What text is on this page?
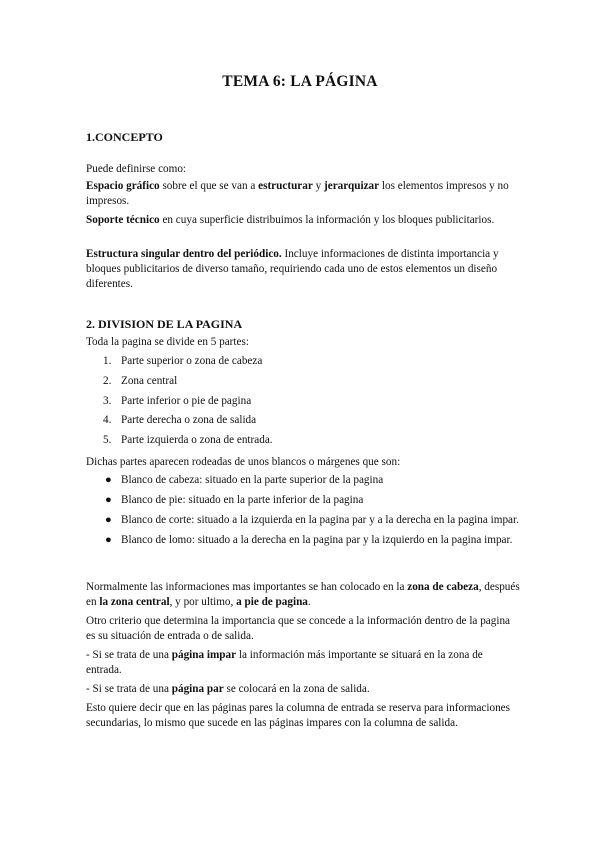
TEMA 6: LA PÁGINA
1.CONCEPTO
Puede definirse como:
Espacio gráfico sobre el que se van a estructurar y jerarquizar los elementos impresos y no impresos.
Soporte técnico en cuya superficie distribuimos la información y los bloques publicitarios.
Estructura singular dentro del periódico. Incluye informaciones de distinta importancia y bloques publicitarios de diverso tamaño, requiriendo cada uno de estos elementos un diseño diferentes.
2. DIVISION DE LA PAGINA
Toda la pagina se divide en 5 partes:
1. Parte superior o zona de cabeza
2. Zona central
3. Parte inferior o pie de pagina
4. Parte derecha o zona de salida
5. Parte izquierda o zona de entrada.
Dichas partes aparecen rodeadas de unos blancos o márgenes que son:
● Blanco de cabeza: situado en la parte superior de la pagina
● Blanco de pie: situado en la parte inferior de la pagina
● Blanco de corte: situado a la izquierda en la pagina par y a la derecha en la pagina impar.
● Blanco de lomo: situado a la derecha en la pagina par y la izquierdo en la pagina impar.
Normalmente las informaciones mas importantes se han colocado en la zona de cabeza, después en la zona central, y por ultimo, a pie de pagina.
Otro criterio que determina la importancia que se concede a la información dentro de la pagina es su situación de entrada o de salida.
- Si se trata de una página impar la información más importante se situará en la zona de entrada.
- Si se trata de una página par se colocará en la zona de salida.
Esto quiere decir que en las páginas pares la columna de entrada se reserva para informaciones secundarias, lo mismo que sucede en las páginas impares con la columna de salida.
